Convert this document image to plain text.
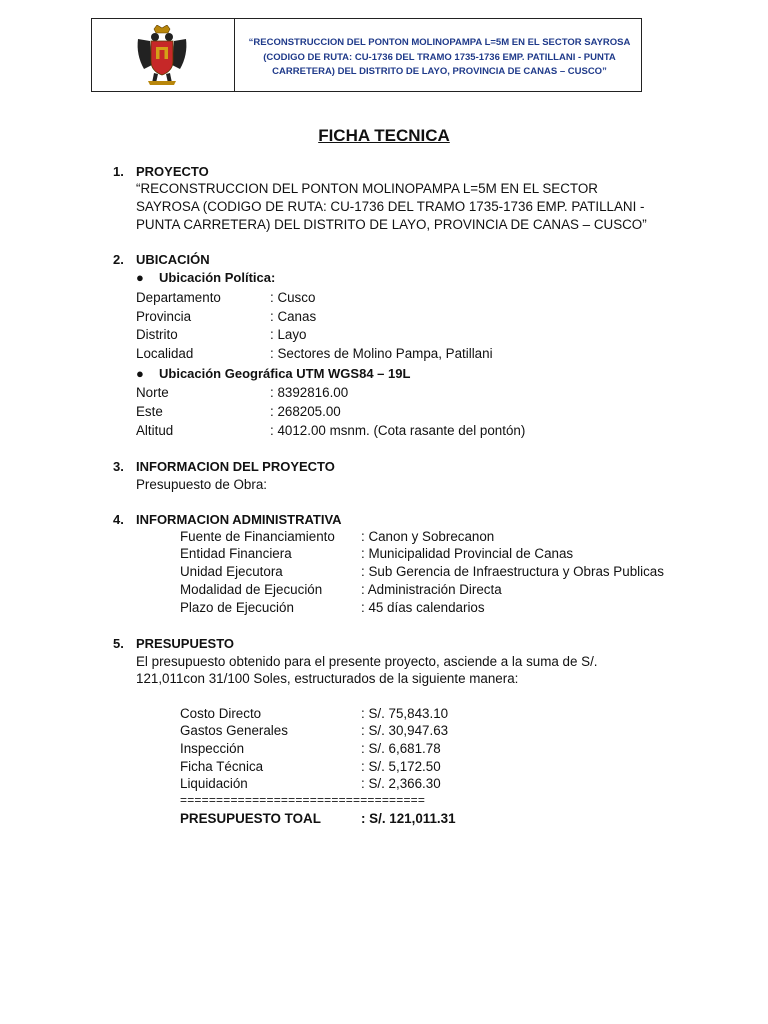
“RECONSTRUCCION DEL PONTON MOLINOPAMPA L=5M EN EL SECTOR SAYROSA (CODIGO DE RUTA: CU-1736 DEL TRAMO 1735-1736 EMP. PATILLANI - PUNTA CARRETERA) DEL DISTRITO DE LAYO, PROVINCIA DE CANAS – CUSCO”
FICHA TECNICA
1. PROYECTO
“RECONSTRUCCION DEL PONTON MOLINOPAMPA L=5M EN EL SECTOR
SAYROSA (CODIGO DE RUTA: CU-1736 DEL TRAMO 1735-1736 EMP. PATILLANI -
PUNTA CARRETERA) DEL DISTRITO DE LAYO, PROVINCIA DE CANAS – CUSCO”
2. UBICACIÓN
● Ubicación Política:
Departamento	: Cusco
Provincia	: Canas
Distrito	: Layo
Localidad	: Sectores de Molino Pampa, Patillani
● Ubicación Geográfica UTM WGS84 – 19L
Norte	: 8392816.00
Este	: 268205.00
Altitud	: 4012.00 msnm. (Cota rasante del pontón)
3. INFORMACION DEL PROYECTO
Presupuesto de Obra:
4. INFORMACION ADMINISTRATIVA
Fuente de Financiamiento : Canon y Sobrecanon
Entidad Financiera	: Municipalidad Provincial de Canas
Unidad Ejecutora	: Sub Gerencia de Infraestructura y Obras Publicas
Modalidad de Ejecución	: Administración Directa
Plazo de Ejecución	: 45 días calendarios
5. PRESUPUESTO
El presupuesto obtenido para el presente proyecto, asciende a la suma de S/.
121,011con 31/100 Soles, estructurados de la siguiente manera:
Costo Directo	: S/. 75,843.10
Gastos Generales	: S/. 30,947.63
Inspección	: S/. 6,681.78
Ficha Técnica	: S/. 5,172.50
Liquidación	: S/. 2,366.30
==================================
PRESUPUESTO TOAL	: S/. 121,011.31
